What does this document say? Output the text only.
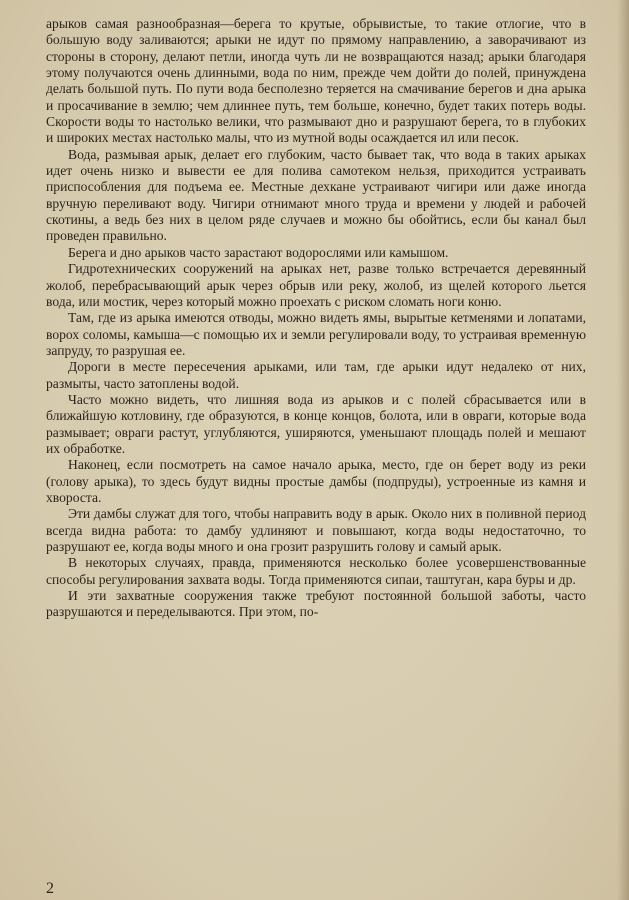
арыков самая разнообразная—берега то крутые, обрывистые, то такие отлогие, что в большую воду заливаются; арыки не идут по прямому направлению, а заворачивают из стороны в сторону, делают петли, иногда чуть ли не возвращаются назад; арыки благодаря этому получаются очень длинными, вода по ним, прежде чем дойти до полей, принуждена делать большой путь. По пути вода бесполезно теряется на смачивание берегов и дна арыка и просачивание в землю; чем длиннее путь, тем больше, конечно, будет таких потерь воды. Скорости воды то настолько велики, что размывают дно и разрушают берега, то в глубоких и широких местах настолько малы, что из мутной воды осаждается ил или песок.

Вода, размывая арык, делает его глубоким, часто бывает так, что вода в таких арыках идет очень низко и вывести ее для полива самотеком нельзя, приходится устраивать приспособления для подъема ее. Местные дехкане устраивают чигири или даже иногда вручную переливают воду. Чигири отнимают много труда и времени у людей и рабочей скотины, а ведь без них в целом ряде случаев и можно бы обойтись, если бы канал был проведен правильно.

Берега и дно арыков часто зарастают водорослями или камышом.

Гидротехнических сооружений на арыках нет, разве только встречается деревянный жолоб, перебрасывающий арык через обрыв или реку, жолоб, из щелей которого льется вода, или мостик, через который можно проехать с риском сломать ноги коню.

Там, где из арыка имеются отводы, можно видеть ямы, вырытые кетменями и лопатами, ворох соломы, камыша—с помощью их и земли регулировали воду, то устраивая временную запруду, то разрушая ее.

Дороги в месте пересечения арыками, или там, где арыки идут недалеко от них, размыты, часто затоплены водой.

Часто можно видеть, что лишняя вода из арыков и с полей сбрасывается или в ближайшую котловину, где образуются, в конце концов, болота, или в овраги, которые вода размывает; овраги растут, углубляются, уширяются, уменьшают площадь полей и мешают их обработке.

Наконец, если посмотреть на самое начало арыка, место, где он берет воду из реки (голову арыка), то здесь будут видны простые дамбы (подпруды), устроенные из камня и хвороста.

Эти дамбы служат для того, чтобы направить воду в арык. Около них в поливной период всегда видна работа: то дамбу удлиняют и повышают, когда воды недостаточно, то разрушают ее, когда воды много и она грозит разрушить голову и самый арык.

В некоторых случаях, правда, применяются несколько более усовершенствованные способы регулирования захвата воды. Тогда применяются сипаи, таштуган, кара буры и др.

И эти захватные сооружения также требуют постоянной большой заботы, часто разрушаются и переделываются. При этом, по-

2
